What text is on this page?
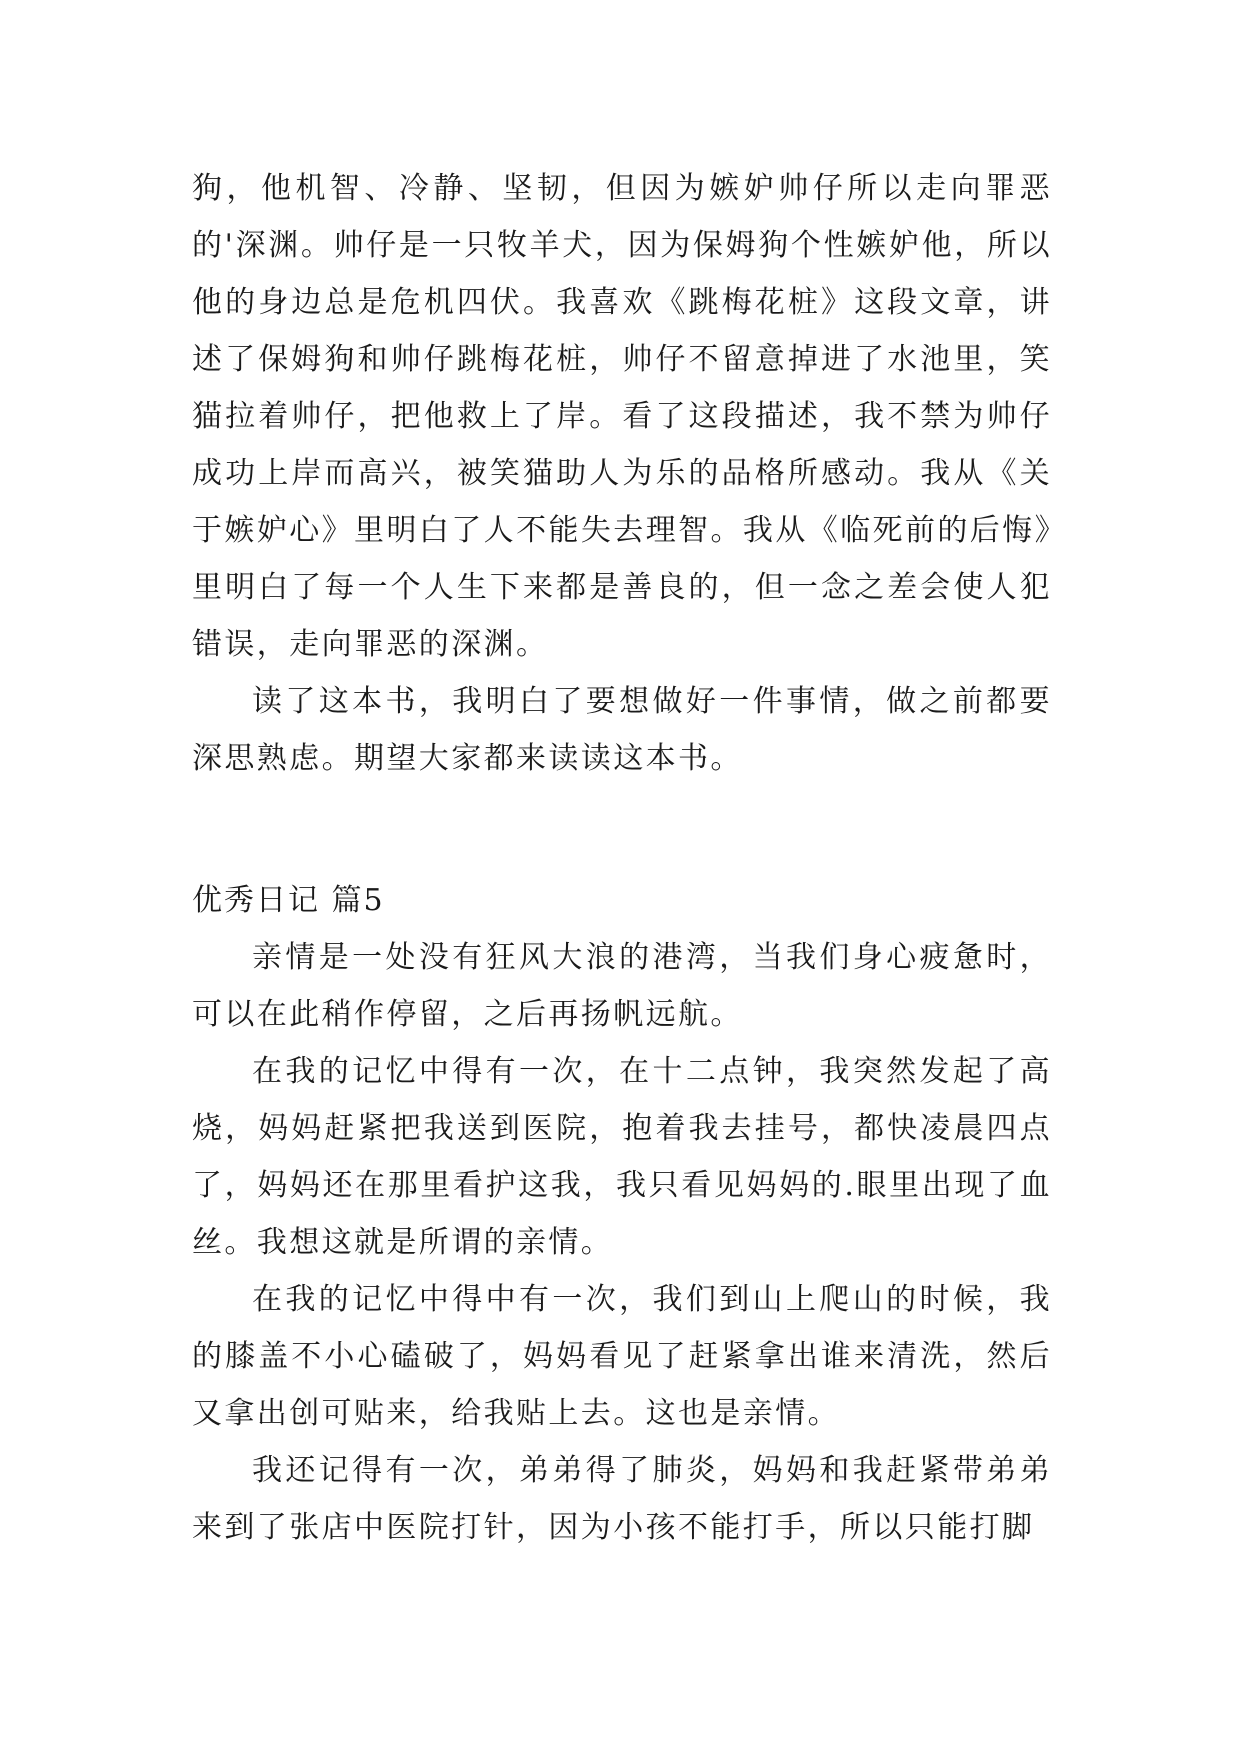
狗，他机智、冷静、坚韧，但因为嫉妒帅仔所以走向罪恶的'深渊。帅仔是一只牧羊犬，因为保姆狗个性嫉妒他，所以他的身边总是危机四伏。我喜欢《跳梅花桩》这段文章，讲述了保姆狗和帅仔跳梅花桩，帅仔不留意掉进了水池里，笑猫拉着帅仔，把他救上了岸。看了这段描述，我不禁为帅仔成功上岸而高兴，被笑猫助人为乐的品格所感动。我从《关于嫉妒心》里明白了人不能失去理智。我从《临死前的后悔》里明白了每一个人生下来都是善良的，但一念之差会使人犯错误，走向罪恶的深渊。

读了这本书，我明白了要想做好一件事情，做之前都要深思熟虑。期望大家都来读读这本书。

优秀日记 篇5

亲情是一处没有狂风大浪的港湾，当我们身心疲惫时，可以在此稍作停留，之后再扬帆远航。

在我的记忆中得有一次，在十二点钟，我突然发起了高烧，妈妈赶紧把我送到医院，抱着我去挂号，都快凌晨四点了，妈妈还在那里看护这我，我只看见妈妈的.眼里出现了血丝。我想这就是所谓的亲情。

在我的记忆中得中有一次，我们到山上爬山的时候，我的膝盖不小心磕破了，妈妈看见了赶紧拿出谁来清洗，然后又拿出创可贴来，给我贴上去。这也是亲情。

我还记得有一次，弟弟得了肺炎，妈妈和我赶紧带弟弟来到了张店中医院打针，因为小孩不能打手，所以只能打脚
